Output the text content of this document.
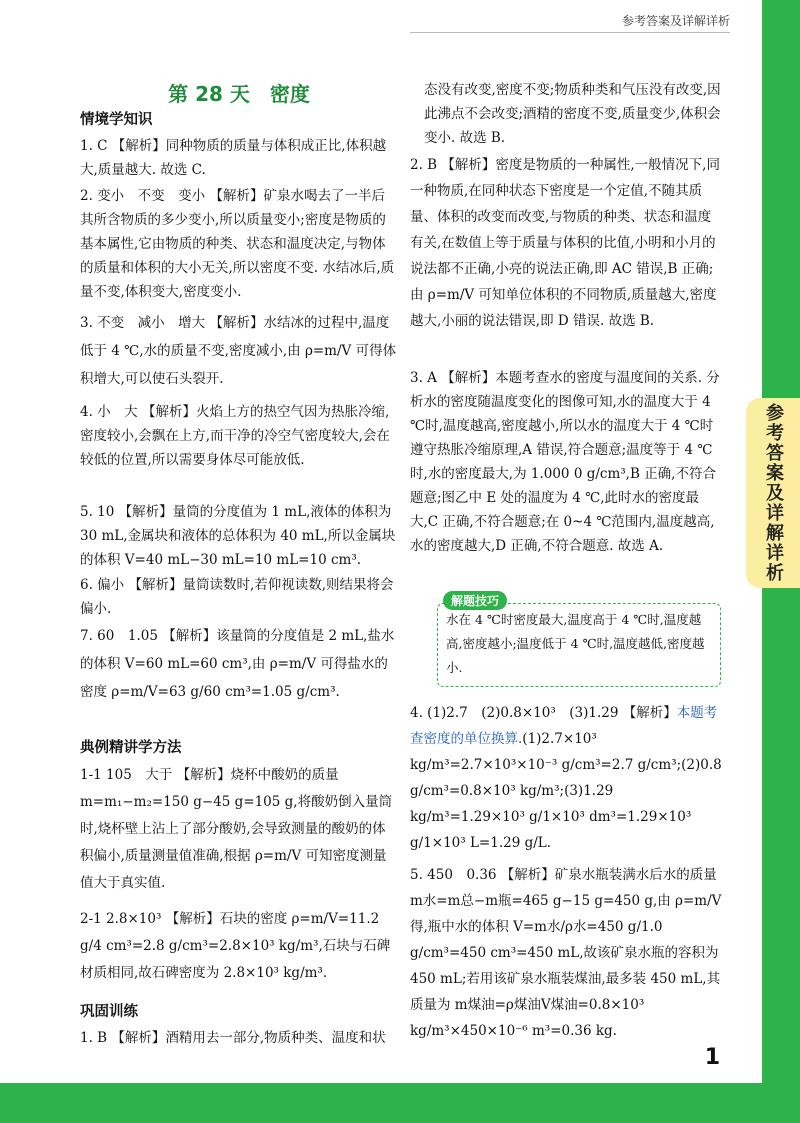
参考答案及详解详析
参考答案及详解详析
1
第 28 天　密度
情境学知识
1. C 【解析】同种物质的质量与体积成正比,体积越大,质量越大. 故选 C.
2. 变小　不变　变小 【解析】矿泉水喝去了一半后其所含物质的多少变小,所以质量变小;密度是物质的基本属性,它由物质的种类、状态和温度决定,与物体的质量和体积的大小无关,所以密度不变. 水结冰后,质量不变,体积变大,密度变小.
3. 不变　减小　增大 【解析】水结冰的过程中,温度低于 4 ℃,水的质量不变,密度减小,由 ρ=m/V 可得体积增大,可以使石头裂开.
4. 小　大 【解析】火焰上方的热空气因为热胀冷缩,密度较小,会飘在上方,而干净的冷空气密度较大,会在较低的位置,所以需要身体尽可能放低.
5. 10 【解析】量筒的分度值为 1 mL,液体的体积为 30 mL,金属块和液体的总体积为 40 mL,所以金属块的体积 V=40 mL−30 mL=10 mL=10 cm³.
6. 偏小 【解析】量筒读数时,若仰视读数,则结果将会偏小.
7. 60　1.05 【解析】该量筒的分度值是 2 mL,盐水的体积 V=60 mL=60 cm³,由 ρ=m/V 可得盐水的密度 ρ=m/V=63 g/60 cm³=1.05 g/cm³.
典例精讲学方法
1-1 105　大于 【解析】烧杯中酸奶的质量 m=m₁−m₂=150 g−45 g=105 g,将酸奶倒入量筒时,烧杯壁上沾上了部分酸奶,会导致测量的酸奶的体积偏小,质量测量值准确,根据 ρ=m/V 可知密度测量值大于真实值.
2-1 2.8×10³ 【解析】石块的密度 ρ=m/V=11.2 g/4 cm³=2.8 g/cm³=2.8×10³ kg/m³,石块与石碑材质相同,故石碑密度为 2.8×10³ kg/m³.
巩固训练
1. B 【解析】酒精用去一部分,物质种类、温度和状
态没有改变,密度不变;物质种类和气压没有改变,因此沸点不会改变;酒精的密度不变,质量变少,体积会变小. 故选 B.
2. B 【解析】密度是物质的一种属性,一般情况下,同一种物质,在同种状态下密度是一个定值,不随其质量、体积的改变而改变,与物质的种类、状态和温度有关,在数值上等于质量与体积的比值,小明和小月的说法都不正确,小亮的说法正确,即 AC 错误,B 正确;由 ρ=m/V 可知单位体积的不同物质,质量越大,密度越大,小丽的说法错误,即 D 错误. 故选 B.
3. A 【解析】本题考查水的密度与温度间的关系. 分析水的密度随温度变化的图像可知,水的温度大于 4 ℃时,温度越高,密度越小,所以水的温度大于 4 ℃时遵守热胀冷缩原理,A 错误,符合题意;温度等于 4 ℃时,水的密度最大,为 1.000 0 g/cm³,B 正确,不符合题意;图乙中 E 处的温度为 4 ℃,此时水的密度最大,C 正确,不符合题意;在 0~4 ℃范围内,温度越高,水的密度越大,D 正确,不符合题意. 故选 A.
解题技巧
水在 4 ℃时密度最大,温度高于 4 ℃时,温度越高,密度越小;温度低于 4 ℃时,温度越低,密度越小.
4. (1)2.7　(2)0.8×10³　(3)1.29 【解析】本题考查密度的单位换算.(1)2.7×10³ kg/m³=2.7×10³×10⁻³ g/cm³=2.7 g/cm³;(2)0.8 g/cm³=0.8×10³ kg/m³;(3)1.29 kg/m³=1.29×10³ g/1×10³ dm³=1.29×10³ g/1×10³ L=1.29 g/L.
5. 450　0.36 【解析】矿泉水瓶装满水后水的质量 m水=m总−m瓶=465 g−15 g=450 g,由 ρ=m/V 得,瓶中水的体积 V=m水/ρ水=450 g/1.0 g/cm³=450 cm³=450 mL,故该矿泉水瓶的容积为 450 mL;若用该矿泉水瓶装煤油,最多装 450 mL,其质量为 m煤油=ρ煤油V煤油=0.8×10³ kg/m³×450×10⁻⁶ m³=0.36 kg.
